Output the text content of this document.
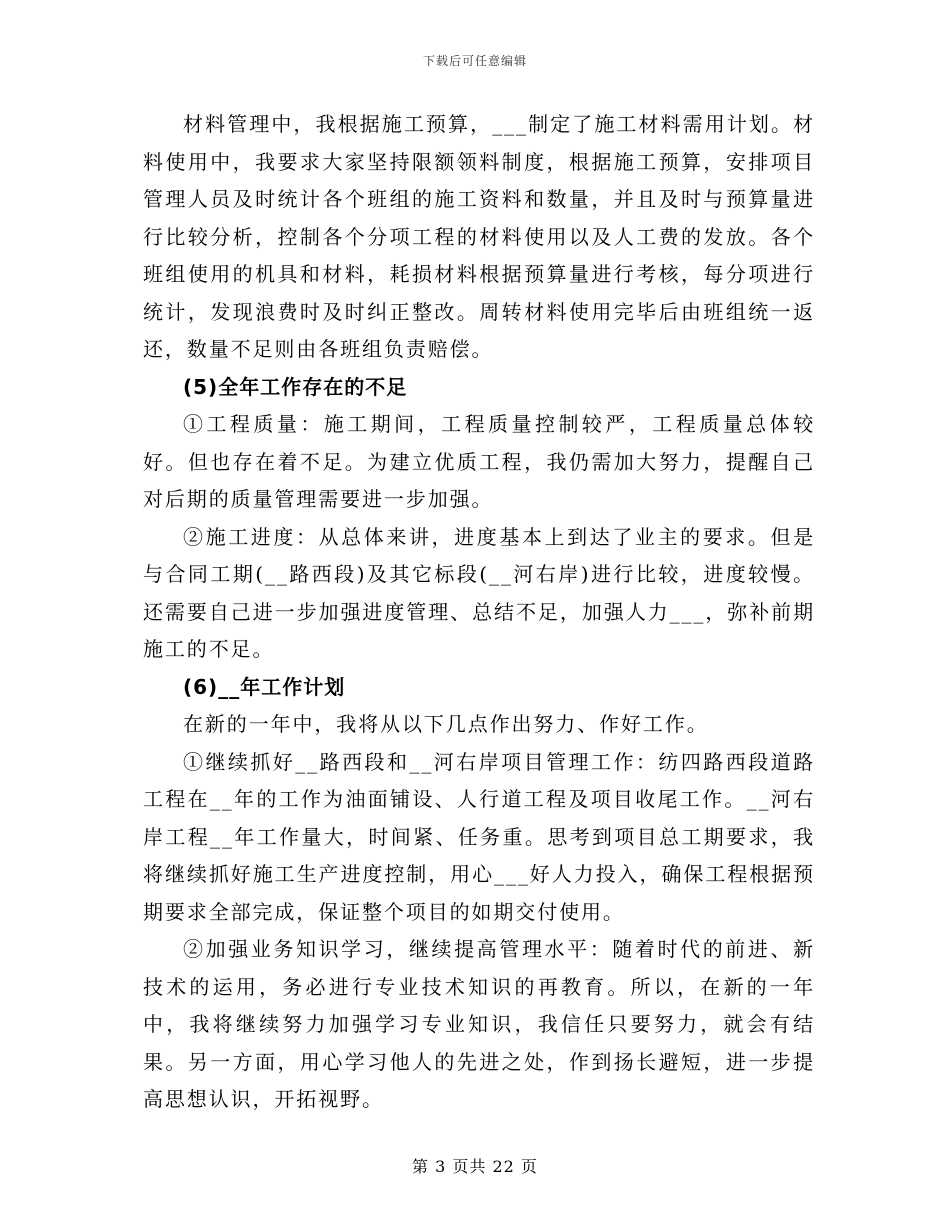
下载后可任意编辑

材料管理中，我根据施工预算，___制定了施工材料需用计划。材料使用中，我要求大家坚持限额领料制度，根据施工预算，安排项目管理人员及时统计各个班组的施工资料和数量，并且及时与预算量进行比较分析，控制各个分项工程的材料使用以及人工费的发放。各个班组使用的机具和材料，耗损材料根据预算量进行考核，每分项进行统计，发现浪费时及时纠正整改。周转材料使用完毕后由班组统一返还，数量不足则由各班组负责赔偿。

(5)全年工作存在的不足

①工程质量：施工期间，工程质量控制较严，工程质量总体较好。但也存在着不足。为建立优质工程，我仍需加大努力，提醒自己对后期的质量管理需要进一步加强。

②施工进度：从总体来讲，进度基本上到达了业主的要求。但是与合同工期(__路西段)及其它标段(__河右岸)进行比较，进度较慢。还需要自己进一步加强进度管理、总结不足，加强人力___，弥补前期施工的不足。

(6)__年工作计划

在新的一年中，我将从以下几点作出努力、作好工作。

①继续抓好__路西段和__河右岸项目管理工作：纺四路西段道路工程在__年的工作为油面铺设、人行道工程及项目收尾工作。__河右岸工程__年工作量大，时间紧、任务重。思考到项目总工期要求，我将继续抓好施工生产进度控制，用心___好人力投入，确保工程根据预期要求全部完成，保证整个项目的如期交付使用。

②加强业务知识学习，继续提高管理水平：随着时代的前进、新技术的运用，务必进行专业技术知识的再教育。所以，在新的一年中，我将继续努力加强学习专业知识，我信任只要努力，就会有结果。另一方面，用心学习他人的先进之处，作到扬长避短，进一步提高思想认识，开拓视野。

第 3 页共 22 页
